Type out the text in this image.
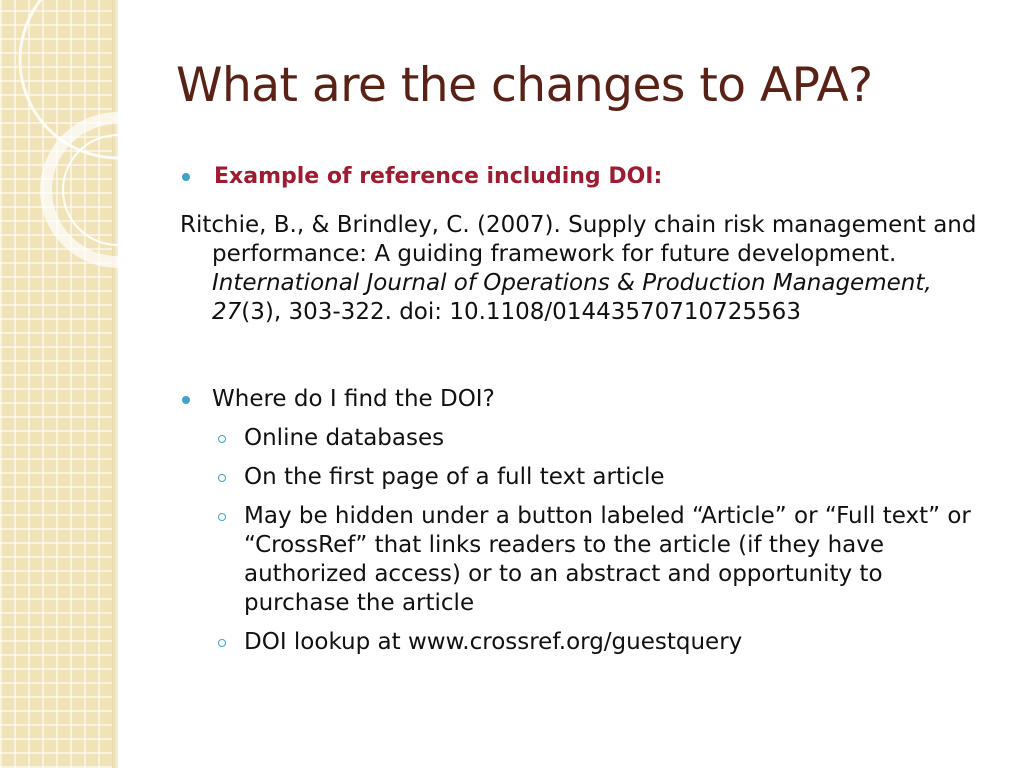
What are the changes to APA?
Example of reference including DOI:
Ritchie, B., & Brindley, C. (2007). Supply chain risk management and performance: A guiding framework for future development. International Journal of Operations & Production Management, 27(3), 303-322. doi: 10.1108/01443570710725563
Where do I find the DOI?
Online databases
On the first page of a full text article
May be hidden under a button labeled “Article” or “Full text” or “CrossRef” that links readers to the article (if they have authorized access) or to an abstract and opportunity to purchase the article
DOI lookup at www.crossref.org/guestquery
